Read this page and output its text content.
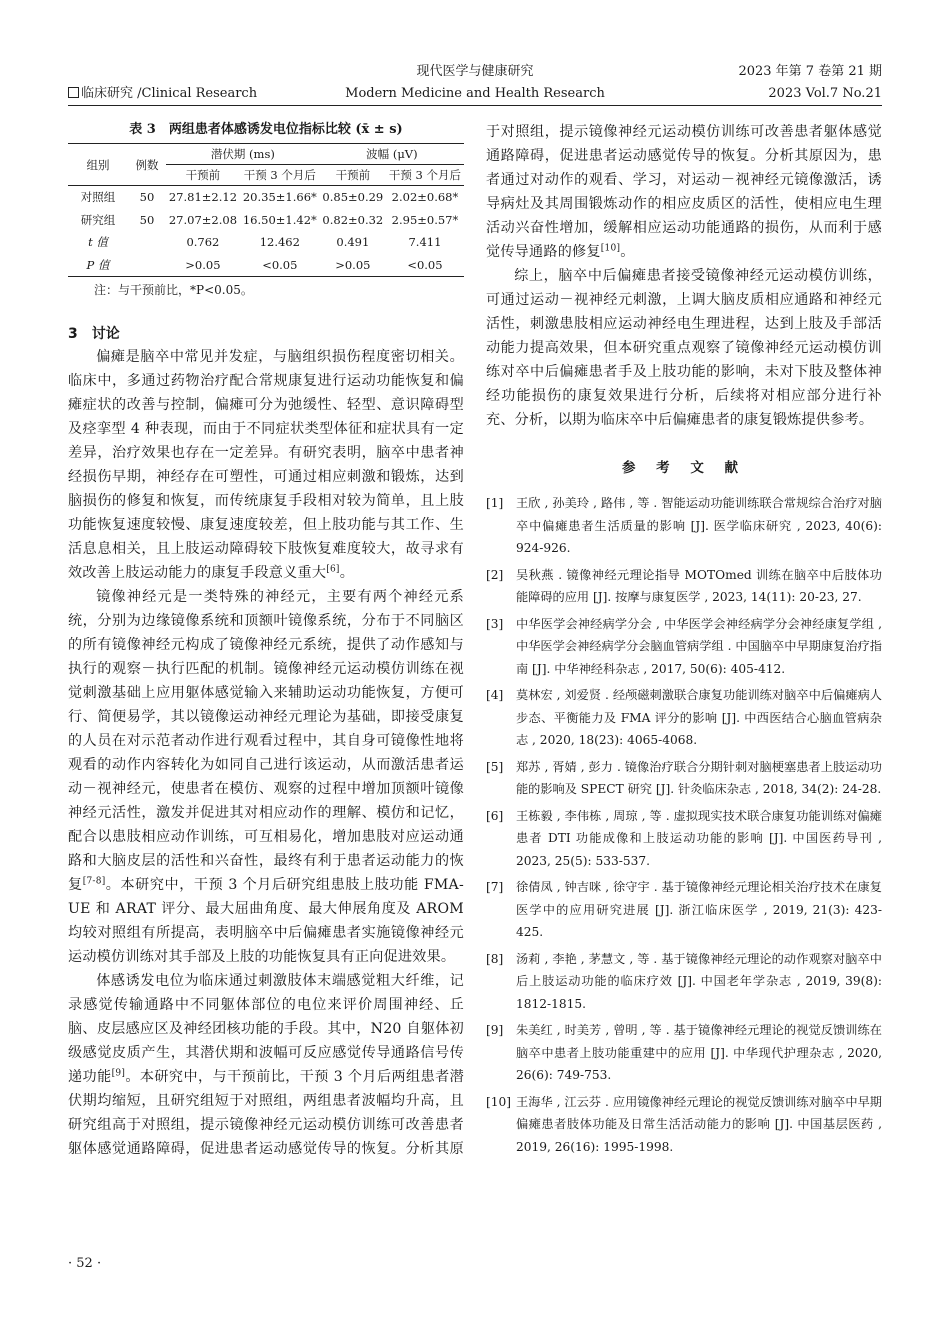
现代医学与健康研究	2023 年第 7 卷第 21 期
临床研究 /Clinical Research	Modern Medicine and Health Research	2023 Vol.7 No.21
表 3　两组患者体感诱发电位指标比较 (x̄ ± s)
组别	例数	潜伏期 (ms)		波幅 (μV)	
		干预前	干预 3 个月后	干预前	干预 3 个月后
对照组	50	27.81±2.12	20.35±1.66*	0.85±0.29	2.02±0.68*
研究组	50	27.07±2.08	16.50±1.42*	0.82±0.32	2.95±0.57*
t 值		0.762	12.462	0.491	7.411
P 值		>0.05	<0.05	>0.05	<0.05
注：与干预前比，*P<0.05。
3　讨论

偏瘫是脑卒中常见并发症，与脑组织损伤程度密切相关。临床中，多通过药物治疗配合常规康复进行运动功能恢复和偏瘫症状的改善与控制，偏瘫可分为弛缓性、轻型、意识障碍型及痉挛型 4 种表现，而由于不同症状类型体征和症状具有一定差异，治疗效果也存在一定差异。有研究表明，脑卒中患者神经损伤早期，神经存在可塑性，可通过相应刺激和锻炼，达到脑损伤的修复和恢复，而传统康复手段相对较为简单，且上肢功能恢复速度较慢、康复速度较差，但上肢功能与其工作、生活息息相关，且上肢运动障碍较下肢恢复难度较大，故寻求有效改善上肢运动能力的康复手段意义重大[6]。

镜像神经元是一类特殊的神经元，主要有两个神经元系统，分别为边缘镜像系统和顶额叶镜像系统，分布于不同脑区的所有镜像神经元构成了镜像神经元系统，提供了动作感知与执行的观察－执行匹配的机制。镜像神经元运动模仿训练在视觉刺激基础上应用躯体感觉输入来辅助运动功能恢复，方便可行、简便易学，其以镜像运动神经元理论为基础，即接受康复的人员在对示范者动作进行观看过程中，其自身可镜像性地将观看的动作内容转化为如同自己进行该运动，从而激活患者运动－视神经元，使患者在模仿、观察的过程中增加顶额叶镜像神经元活性，激发并促进其对相应动作的理解、模仿和记忆，配合以患肢相应动作训练，可互相易化，增加患肢对应运动通路和大脑皮层的活性和兴奋性，最终有利于患者运动能力的恢复[7-8]。本研究中，干预 3 个月后研究组患肢上肢功能 FMA-UE 和 ARAT 评分、最大屈曲角度、最大伸展角度及 AROM 均较对照组有所提高，表明脑卒中后偏瘫患者实施镜像神经元运动模仿训练对其手部及上肢的功能恢复具有正向促进效果。

体感诱发电位为临床通过刺激肢体末端感觉粗大纤维，记录感觉传输通路中不同躯体部位的电位来评价周围神经、丘脑、皮层感应区及神经团核功能的手段。其中，N20 自躯体初级感觉皮质产生，其潜伏期和波幅可反应感觉传导通路信号传递功能[9]。本研究中，与干预前比，干预 3 个月后两组患者潜伏期均缩短，且研究组短于对照组，两组患者波幅均升高，且研究组高于对照组，提示镜像神经元运动模仿训练可改善患者躯体感觉通路障碍，促进患者运动感觉传导的恢复。分析其原

于对照组，提示镜像神经元运动模仿训练可改善患者躯体感觉通路障碍，促进患者运动感觉传导的恢复。分析其原因为，患者通过对动作的观看、学习，对运动－视神经元镜像激活，诱导病灶及其周围锻炼动作的相应皮质区的活性，使相应电生理活动兴奋性增加，缓解相应运动功能通路的损伤，从而利于感觉传导通路的修复[10]。

综上，脑卒中后偏瘫患者接受镜像神经元运动模仿训练，可通过运动－视神经元刺激，上调大脑皮质相应通路和神经元活性，刺激患肢相应运动神经电生理进程，达到上肢及手部活动能力提高效果，但本研究重点观察了镜像神经元运动模仿训练对卒中后偏瘫患者手及上肢功能的影响，未对下肢及整体神经功能损伤的康复效果进行分析，后续将对相应部分进行补充、分析，以期为临床卒中后偏瘫患者的康复锻炼提供参考。

参 考 文 献
[1]	王欣 , 孙美玲 , 路伟 , 等 . 智能运动功能训练联合常规综合治疗对脑卒中偏瘫患者生活质量的影响 [J]. 医学临床研究 , 2023, 40(6): 924-926.
[2]	吴秋燕 . 镜像神经元理论指导 MOTOmed 训练在脑卒中后肢体功能障碍的应用 [J]. 按摩与康复医学 , 2023, 14(11): 20-23, 27.
[3]	中华医学会神经病学分会 , 中华医学会神经病学分会神经康复学组 , 中华医学会神经病学分会脑血管病学组 . 中国脑卒中早期康复治疗指南 [J]. 中华神经科杂志 , 2017, 50(6): 405-412.
[4]	莫林宏 , 刘爱贤 . 经颅磁刺激联合康复功能训练对脑卒中后偏瘫病人步态、平衡能力及 FMA 评分的影响 [J]. 中西医结合心脑血管病杂志 , 2020, 18(23): 4065-4068.
[5]	郑苏 , 胥婧 , 彭力 . 镜像治疗联合分期针刺对脑梗塞患者上肢运动功能的影响及 SPECT 研究 [J]. 针灸临床杂志 , 2018, 34(2): 24-28.
[6]	王栋毅 , 李伟栋 , 周琼 , 等 . 虚拟现实技术联合康复功能训练对偏瘫患者 DTI 功能成像和上肢运动功能的影响 [J]. 中国医药导刊 , 2023, 25(5): 533-537.
[7]	徐倩凤 , 钟吉咪 , 徐守宇 . 基于镜像神经元理论相关治疗技术在康复医学中的应用研究进展 [J]. 浙江临床医学 , 2019, 21(3): 423-425.
[8]	汤莉 , 李艳 , 茅慧文 , 等 . 基于镜像神经元理论的动作观察对脑卒中后上肢运动功能的临床疗效 [J]. 中国老年学杂志 , 2019, 39(8): 1812-1815.
[9]	朱美红 , 时美芳 , 曾明 , 等 . 基于镜像神经元理论的视觉反馈训练在脑卒中患者上肢功能重建中的应用 [J]. 中华现代护理杂志 , 2020, 26(6): 749-753.
[10] 王海华 , 江云芬 . 应用镜像神经元理论的视觉反馈训练对脑卒中早期偏瘫患者肢体功能及日常生活活动能力的影响 [J]. 中国基层医药 , 2019, 26(16): 1995-1998.
· 52 ·
